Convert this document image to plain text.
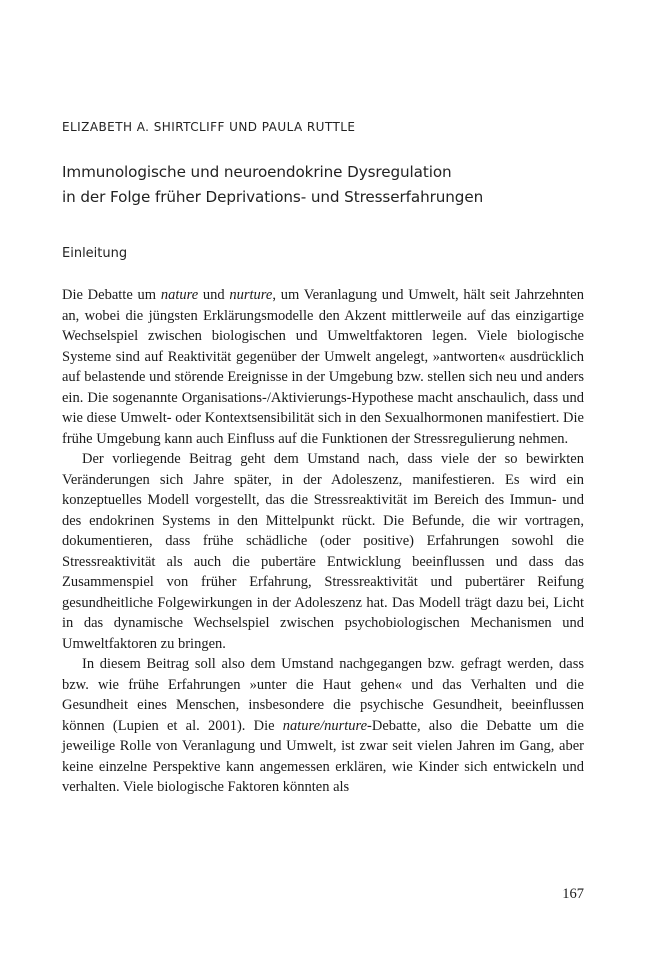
ELIZABETH A. SHIRTCLIFF UND PAULA RUTTLE
Immunologische und neuroendokrine Dysregulation
in der Folge früher Deprivations- und Stresserfahrungen
Einleitung

Die Debatte um nature und nurture, um Veranlagung und Umwelt, hält seit Jahrzehnten an, wobei die jüngsten Erklärungsmodelle den Akzent mittlerweile auf das einzigartige Wechselspiel zwischen biologischen und Umweltfaktoren legen. Viele biologische Systeme sind auf Reaktivität gegenüber der Umwelt angelegt, »antworten« ausdrücklich auf belastende und störende Ereignisse in der Umgebung bzw. stellen sich neu und anders ein. Die sogenannte Organisations-/Aktivierungs-Hypothese macht anschaulich, dass und wie diese Umwelt- oder Kontextsensibilität sich in den Sexualhormonen manifestiert. Die frühe Umgebung kann auch Einfluss auf die Funktionen der Stressregulierung nehmen.

Der vorliegende Beitrag geht dem Umstand nach, dass viele der so bewirkten Veränderungen sich Jahre später, in der Adoleszenz, manifestieren. Es wird ein konzeptuelles Modell vorgestellt, das die Stressreaktivität im Bereich des Immun- und des endokrinen Systems in den Mittelpunkt rückt. Die Befunde, die wir vortragen, dokumentieren, dass frühe schädliche (oder positive) Erfahrungen sowohl die Stressreaktivität als auch die pubertäre Entwicklung beeinflussen und dass das Zusammenspiel von früher Erfahrung, Stressreaktivität und pubertärer Reifung gesundheitliche Folgewirkungen in der Adoleszenz hat. Das Modell trägt dazu bei, Licht in das dynamische Wechselspiel zwischen psychobiologischen Mechanismen und Umweltfaktoren zu bringen.

In diesem Beitrag soll also dem Umstand nachgegangen bzw. gefragt werden, dass bzw. wie frühe Erfahrungen »unter die Haut gehen« und das Verhalten und die Gesundheit eines Menschen, insbesondere die psychische Gesundheit, beeinflussen können (Lupien et al. 2001). Die nature/nurture-Debatte, also die Debatte um die jeweilige Rolle von Veranlagung und Umwelt, ist zwar seit vielen Jahren im Gang, aber keine einzelne Perspektive kann angemessen erklären, wie Kinder sich entwickeln und verhalten. Viele biologische Faktoren könnten als

167
